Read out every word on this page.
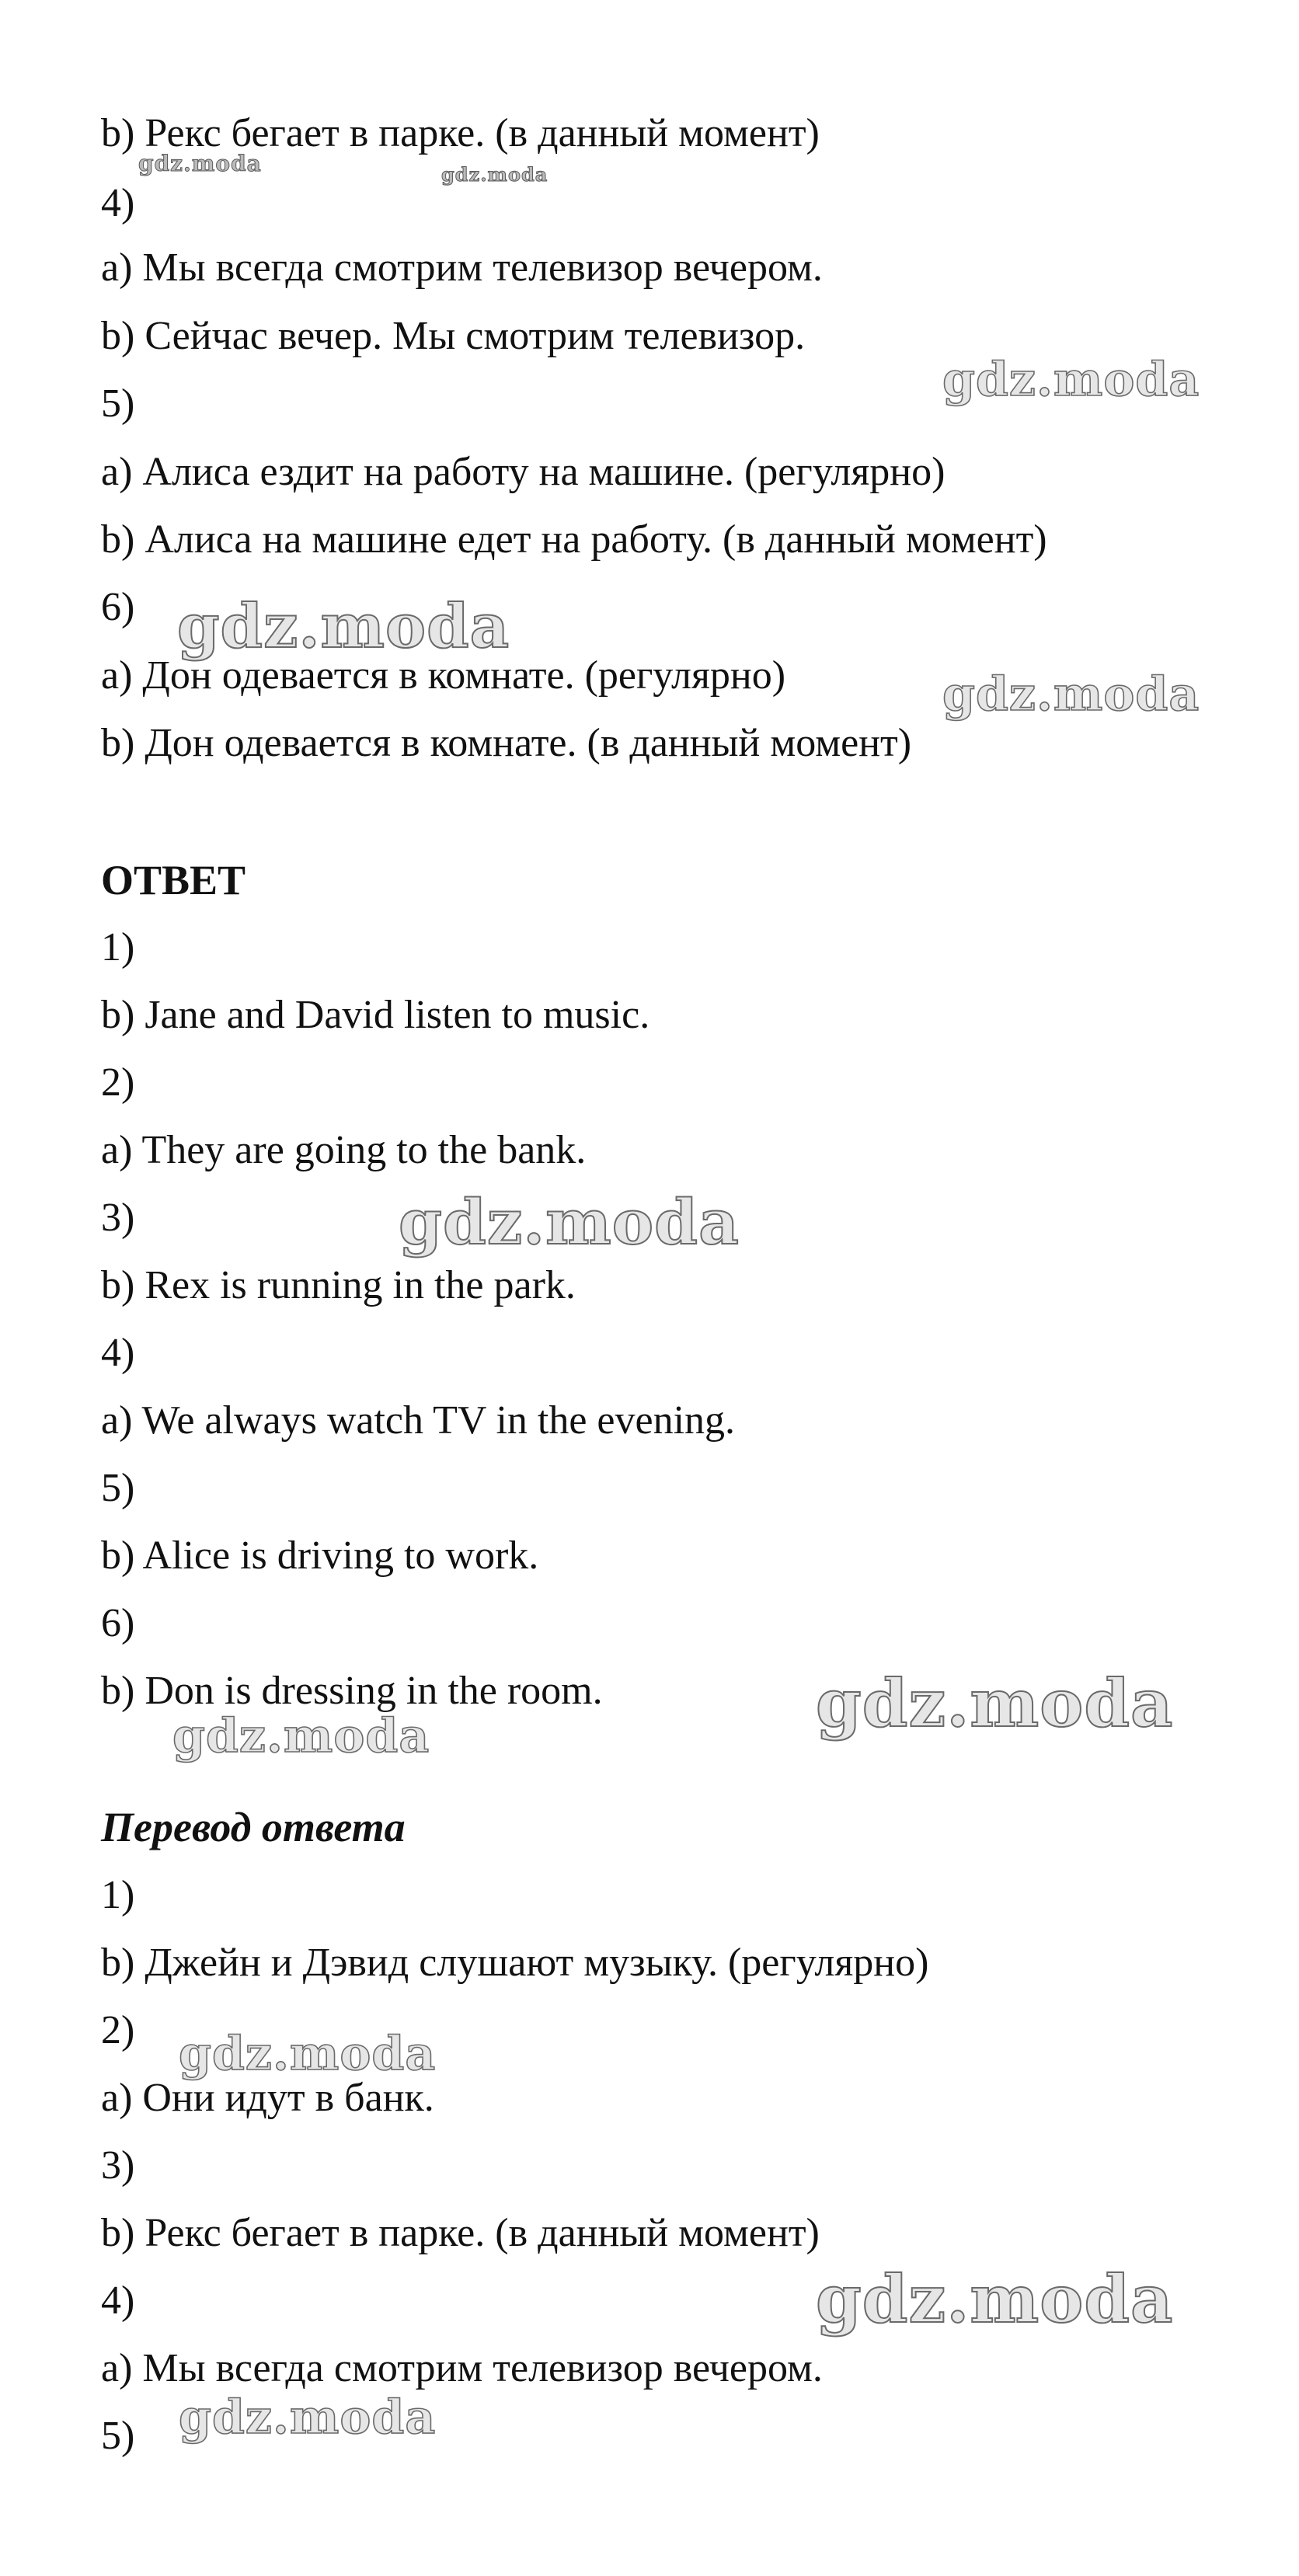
b) Рекс бегает в парке. (в данный момент)
4)
a) Мы всегда смотрим телевизор вечером.
b) Сейчас вечер. Мы смотрим телевизор.
5)
a) Алиса ездит на работу на машине. (регулярно)
b) Алиса на машине едет на работу. (в данный момент)
6)
a) Дон одевается в комнате. (регулярно)
b) Дон одевается в комнате. (в данный момент)
ОТВЕТ
1)
b) Jane and David listen to music.
2)
a) They are going to the bank.
3)
b) Rex is running in the park.
4)
a) We always watch TV in the evening.
5)
b) Alice is driving to work.
6)
b) Don is dressing in the room.
Перевод ответа
1)
b) Джейн и Дэвид слушают музыку. (регулярно)
2)
a) Они идут в банк.
3)
b) Рекс бегает в парке. (в данный момент)
4)
a) Мы всегда смотрим телевизор вечером.
5)
gdz.moda	gdz.moda
gdz.moda
gdz.moda
gdz.moda
gdz.moda
gdz.moda
gdz.moda
gdz.moda
gdz.moda
gdz.moda
